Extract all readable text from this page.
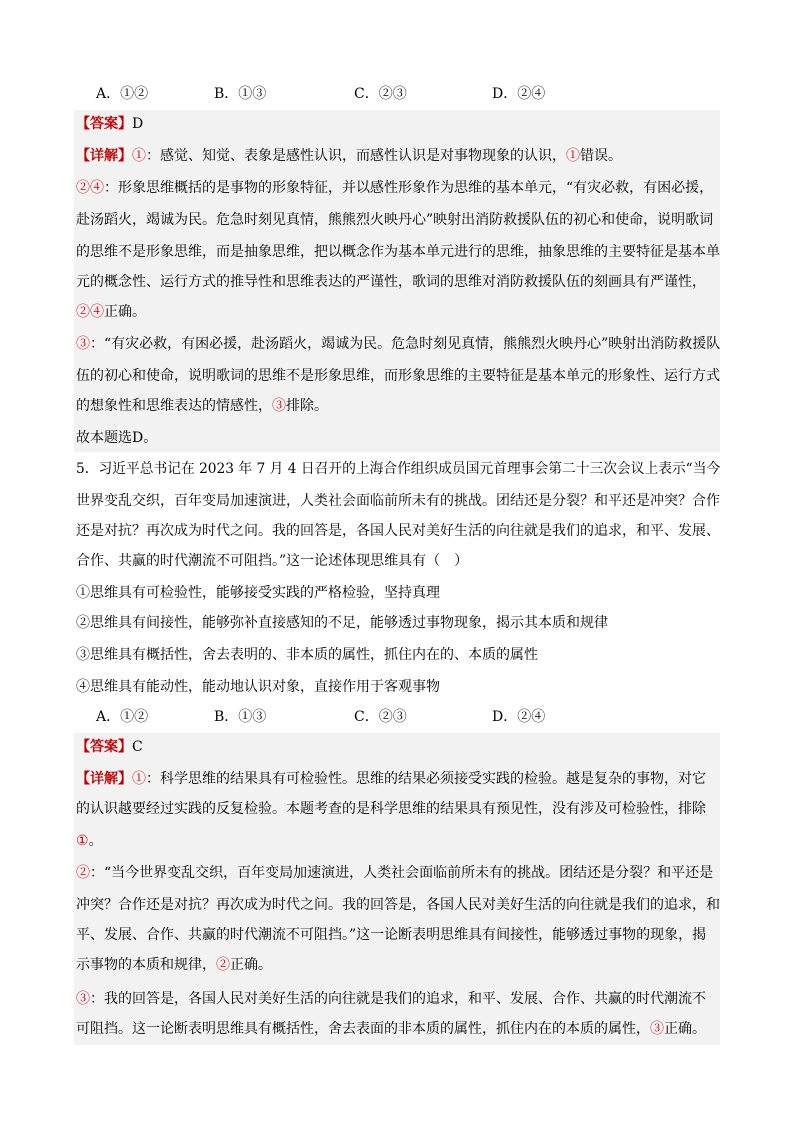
A．①②	B．①③	C．②③	D．②④
【答案】D
【详解】①：感觉、知觉、表象是感性认识，而感性认识是对事物现象的认识，①错误。
②④：形象思维概括的是事物的形象特征，并以感性形象作为思维的基本单元，“有灾必救，有困必援，
赴汤蹈火，竭诚为民。危急时刻见真情，熊熊烈火映丹心”映射出消防救援队伍的初心和使命，说明歌词
的思维不是形象思维，而是抽象思维，把以概念作为基本单元进行的思维，抽象思维的主要特征是基本单
元的概念性、运行方式的推导性和思维表达的严谨性，歌词的思维对消防救援队伍的刻画具有严谨性，
②④正确。
③：“有灾必救，有困必援，赴汤蹈火，竭诚为民。危急时刻见真情，熊熊烈火映丹心”映射出消防救援队
伍的初心和使命，说明歌词的思维不是形象思维，而形象思维的主要特征是基本单元的形象性、运行方式
的想象性和思维表达的情感性，③排除。
故本题选D。
5．习近平总书记在 2023 年 7 月 4 日召开的上海合作组织成员国元首理事会第二十三次会议上表示“当今
世界变乱交织，百年变局加速演进，人类社会面临前所未有的挑战。团结还是分裂？和平还是冲突？合作
还是对抗？再次成为时代之问。我的回答是，各国人民对美好生活的向往就是我们的追求，和平、发展、
合作、共赢的时代潮流不可阻挡。”这一论述体现思维具有（　）
①思维具有可检验性，能够接受实践的严格检验，坚持真理
②思维具有间接性，能够弥补直接感知的不足，能够透过事物现象，揭示其本质和规律
③思维具有概括性，舍去表明的、非本质的属性，抓住内在的、本质的属性
④思维具有能动性，能动地认识对象，直接作用于客观事物
A．①②	B．①③	C．②③	D．②④
【答案】C
【详解】①：科学思维的结果具有可检验性。思维的结果必须接受实践的检验。越是复杂的事物，对它
的认识越要经过实践的反复检验。本题考查的是科学思维的结果具有预见性，没有涉及可检验性，排除
①。
②：“当今世界变乱交织，百年变局加速演进，人类社会面临前所未有的挑战。团结还是分裂？和平还是
冲突？合作还是对抗？再次成为时代之问。我的回答是，各国人民对美好生活的向往就是我们的追求，和
平、发展、合作、共赢的时代潮流不可阻挡。”这一论断表明思维具有间接性，能够透过事物的现象，揭
示事物的本质和规律，②正确。
③：我的回答是，各国人民对美好生活的向往就是我们的追求，和平、发展、合作、共赢的时代潮流不
可阻挡。这一论断表明思维具有概括性，舍去表面的非本质的属性，抓住内在的本质的属性，③正确。
